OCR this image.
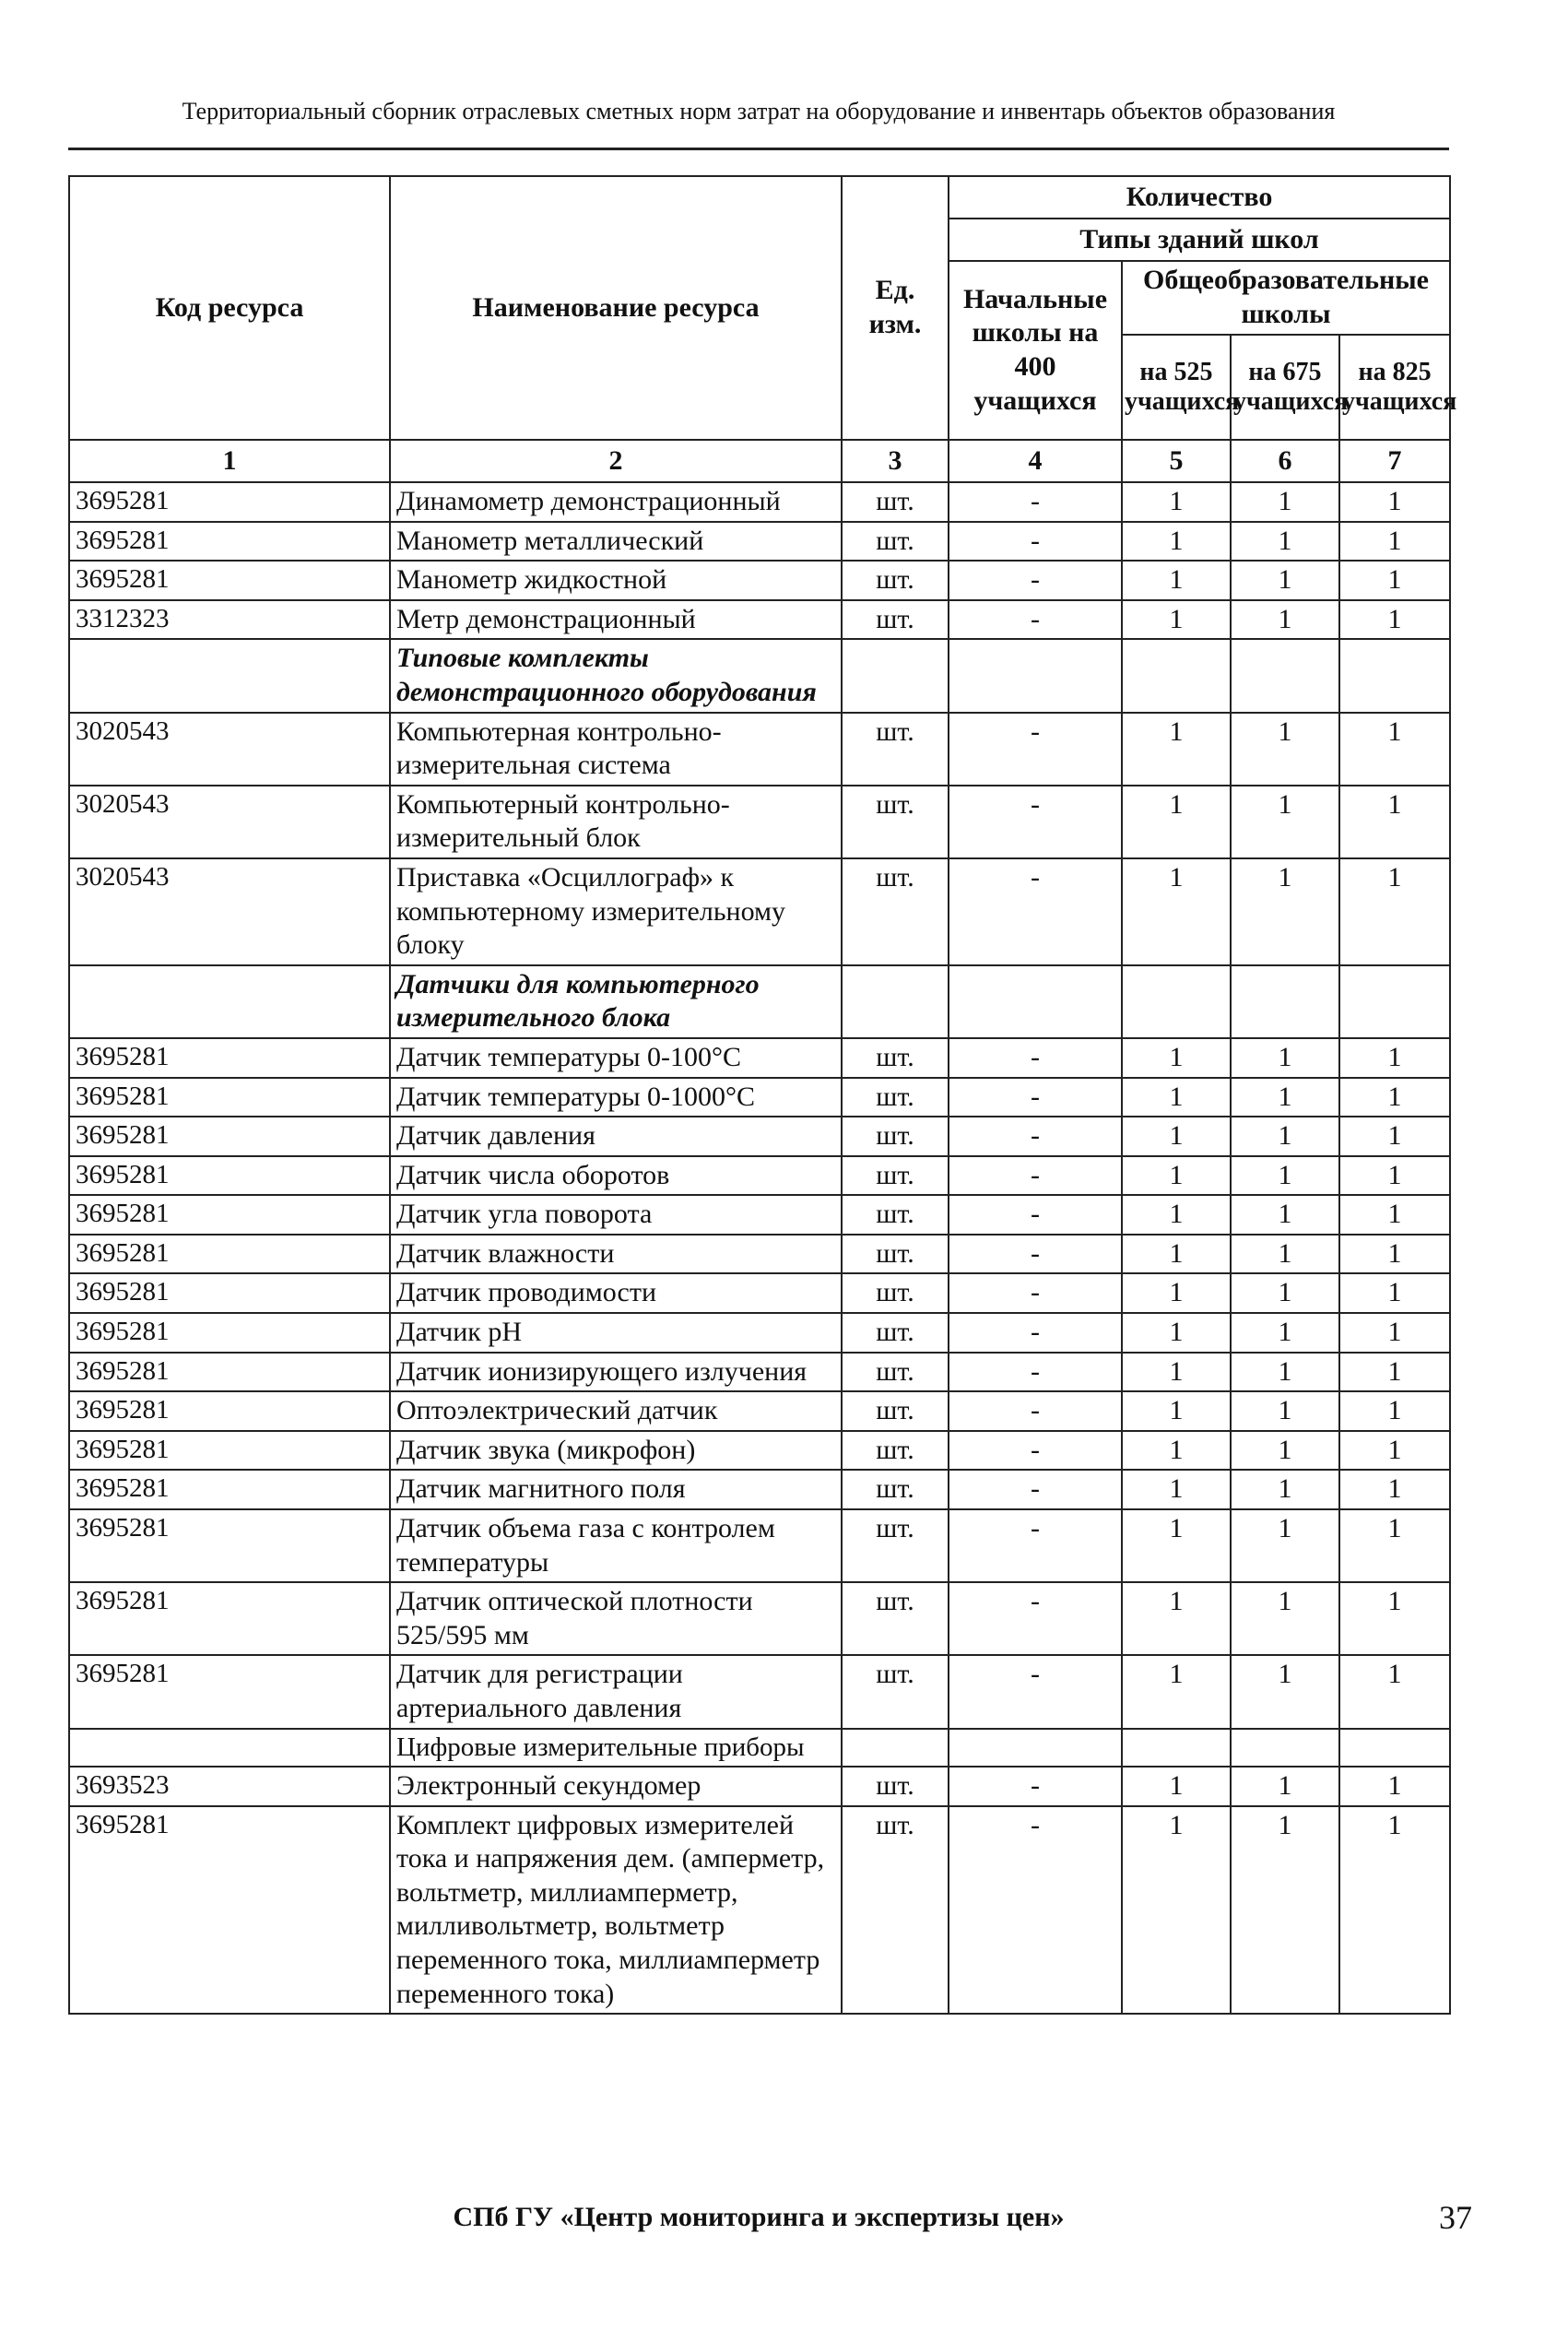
Территориальный сборник отраслевых сметных норм затрат на оборудование и инвентарь объектов образования
Код ресурса	Наименование ресурса	Ед. изм.	Количество			
			Типы зданий школ			
			Начальные школы на 400 учащихся	Общеобразовательные школы		
				на 525 учащихся	на 675 учащихся	на 825 учащихся
1	2	3	4	5	6	7
3695281	Динамометр демонстрационный	шт.	-	1	1	1
3695281	Манометр металлический	шт.	-	1	1	1
3695281	Манометр жидкостной	шт.	-	1	1	1
3312323	Метр демонстрационный	шт.	-	1	1	1
	Типовые комплекты демонстрационного оборудования					
3020543	Компьютерная контрольно-измерительная система	шт.	-	1	1	1
3020543	Компьютерный контрольно-измерительный блок	шт.	-	1	1	1
3020543	Приставка «Осциллограф» к компьютерному измерительному блоку	шт.	-	1	1	1
	Датчики для компьютерного измерительного блока					
3695281	Датчик температуры 0-100°С	шт.	-	1	1	1
3695281	Датчик температуры 0-1000°С	шт.	-	1	1	1
3695281	Датчик давления	шт.	-	1	1	1
3695281	Датчик числа оборотов	шт.	-	1	1	1
3695281	Датчик угла поворота	шт.	-	1	1	1
3695281	Датчик влажности	шт.	-	1	1	1
3695281	Датчик проводимости	шт.	-	1	1	1
3695281	Датчик pH	шт.	-	1	1	1
3695281	Датчик ионизирующего излучения	шт.	-	1	1	1
3695281	Оптоэлектрический датчик	шт.	-	1	1	1
3695281	Датчик звука (микрофон)	шт.	-	1	1	1
3695281	Датчик магнитного поля	шт.	-	1	1	1
3695281	Датчик объема газа с контролем температуры	шт.	-	1	1	1
3695281	Датчик оптической плотности 525/595 мм	шт.	-	1	1	1
3695281	Датчик для регистрации артериального давления	шт.	-	1	1	1
	Цифровые измерительные приборы					
3693523	Электронный секундомер	шт.	-	1	1	1
3695281	Комплект цифровых измерителей тока и напряжения дем. (амперметр, вольтметр, миллиамперметр, милливольтметр, вольтметр переменного тока, миллиамперметр переменного тока)	шт.	-	1	1	1
СПб ГУ «Центр мониторинга и экспертизы цен»	37
